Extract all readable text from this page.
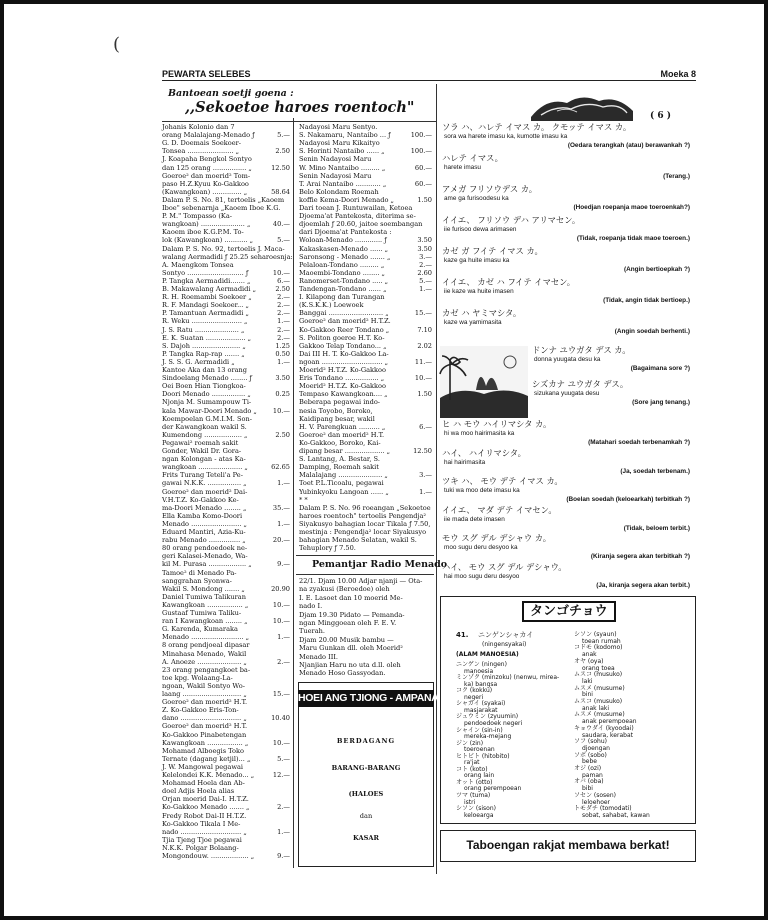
(
PEWARTA SELEBES	Moeka 8
Bantoean soetji goena :
,,Sekoetoe haroes roentoch"
Johanis Kolonio dan 7
orang Malalajang-Menado ƒ	5.—
G. D. Doemais Soekoer-
Tonsea ...................... „	2.50
J. Koapaha Bengkol Sontyo
dan 125 orang ................ „	12.50
Goeroe² dan moerid² Tom-
paso H.Z.Kyuu Ko-Gakkoo
(Kawangkoan) .............. „	58.64
Dalam P. S. No. 81, tertoelis „Kaoem
Iboe" sebenarnja „Kaoem Iboe K.G.
P. M." Tompasso (Ka-
wangkoan) ..................... „	40.—
Kaoem iboe K.G.P.M. To-
lok (Kawangkoan) ........... „	5.—
Dalam P. S. No. 92, tertoelis J. Maca-
walang Aermadidi ƒ 25.25 seharoesnja:
A. Maengkom Tonsea
Sontyo ........................... ƒ	10.—
P. Tangka Aermadidi....... „	6.—
B. Makawalang Aermadidi „	2.50
R. H. Roemambi Soekoer „	2.—
R. F. Mandagi Soekoer... „	2.—
P. Tamantuan Aermadidi „	2.—
R. Weku ........................ „	1.—
J. S. Ratu ..................... „	2.—
E. K. Suatan ................... „	2.—
S. Dajoh ....................... „	1.25
P. Tangka Rap-rap ....... „	0.50
J. S. S. G. Aermadidi „	1.—
Kantoe Aka dan 13 orang
Sindoelang Menado ........ ƒ	3.50
Oei Boen Hian Tiongkoa-
Doori Menado ................ „	0.25
Njonja M. Sumampouw Ti-
kala Mawar-Doori Menado „	10.—
Koempoelan G.M.I.M. Son-
der Kawangkoan wakil S.
Kumendong .................. „	2.50
Pegawai² roemah sakit
Gonder, Wakil Dr. Gora-
ngan Kolongan - atas Ka-
wangkoan ..................... „	62.65
Frits Turang Teteli'a Pe-
gawai N.K.K. ................ „	1.—
Goeroe² dan moerid² Dai-
V.H.T.Z. Ko-Gakkoo Ke-
ma-Doori Menado ........ „	35.—
Ella Kamba Komo-Doori
Menado ........................ „	1.—
Eduard Mantiri, Azia-Ku-
rabu Menado ............... „	20.—
80 orang pendoedoek ne-
geri Kalasei-Menado, Wa-
kil M. Purasa .................. „	9.—
Tamoe² di Menado Pa-
sanggrahan Syonwa-
Wakil S. Mondong ....... „	20.90
Daniel Tumiwa Talikuran
Kawangkoan ................. „	10.—
Gustaaf Tumiwa Taliku-
ran I Kawangkoan ........ „	10.—
G. Karenda, Kumaraka
Menado ......................... „	1.—
8 orang pendjoeal dipasar
Minahasa Menado, Wakil
A. Anoeze ..................... „	2.—
23 orang pengangkoet ba-
toe kpg. Wolaang-La-
ngoan, Wakil Sontyo Wo-
laang ............................ „	15.—
Goeroe² dan moerid² H.T.
Z. Ko-Gakkoo Eris-Ton-
dano ............................. „	10.40
Goeroe² dan moerid² H.T.
Ko-Gakkoo Pinabetengan
Kawangkoan ................. „	10.—
Mohamad Alboegis Toko
Ternate (dagang ketjil)... „	5.—
J. W. Mangowal pegawai
Kelelondei K.K. Menado... „	12.—
Mohamad Hoela dan Ab-
doel Adjis Hoela alias
Orjan moerid Dai-I. H.T.Z.
Ko-Gakkoo Menado ....... „	2.—
Fredy Robot Dai-II H.T.Z.
Ko-Gakkoo Tikala I Me-
nado ............................. „	1.—
Tjia Tjeng Tjoe pegawai
N.K.K. Polgar Bolaang-
Mongondouw. .................. „	9.—
Nadayosi Maru Sentyo.
S. Nakamaru, Nantaibo ... ƒ	100.—
Nadayosi Maru Kikaityo
S. Horinti Nantaibo ...... „	100.—
Senin Nadayosi Maru
W. Mino Nantaibo ......... „	60.—
Senin Nadayosi Maru
T. Arai Nantaibo ............ „	60.—
Belo Kolondam Roemah
koffie Kema-Doori Menado „	1.50
Dari toean J. Runtuwailan, Ketoea
Djoema'at Pantekosta, diterima se-
djoemlah ƒ 20.60, jaitoe soembangan
dari Djoema'at Pantekosta :
Woloan-Menado ............. ƒ	3.50
Kakaskasen-Menado ...... „	3.50
Saronsong - Menado ....... „	3.—
Pelaloan-Tondano ......... „	2.—
Maoembi-Tondano ........ „	2.60
Ranomerset-Tondano ..... „	5.—
Tandengan-Tondano ...... „	1.—
I. Kilapong dan Turangan
(K.S.K.K.) Loewoek
Banggai .......................... „	15.—
Goeroe² dan moerid² H.T.Z.
Ko-Gakkoo Reer Tondano „	7.10
S. Politon goeroe H.T. Ko-
Gakkoo Telap Tondano... „	2.02
Dai III H. T. Ko-Gakkoo La-
ngoan ............................. „	11.—
Moerid² H.T.Z. Ko-Gakkoo
Eris Tondano ................ „	10.—
Moerid² H.T.Z. Ko-Gakkoo
Tempaso Kawangkoan.... „	1.50
Beberapa pegawai indo-
nesia Toyobo, Boroko,
Kaidipang besar, wakil
H. V. Parengkuan .......... „	6.—
Goeroe² dan moerid² H.T.
Ko-Gakkoo, Boroko, Kai-
dipang besar ................... „	12.50
S. Lantang, A. Bestar, S.
Damping, Roemah sakit
Malalajang ..................... „	3.—
Toet P.L.Ticoalu, pegawai
Yubinkyoku Langoan ...... „	1.—
* *
Dalam P. S. No. 96 roeangan „Sekoetoe
haroes roentoch" tertoelis Pengendja²
Siyakusyo bahagian locar Tikala ƒ 7.50,
mestinja : Pengendja² locar Siyakusyo
bahagian Menado Selatan, wakil S.
Tehuplory ƒ 7.50.
Pemantjar Radio Menado
22/1. Djam 10.00 Adjar njanji — Ota-
na zyakusi (Beroedoe) oleh
I. E. Lasoet dan 10 moerid Me-
nado I.
Djam 19.30 Pidato — Pemanda-
ngan Minggoean oleh F. E. V.
Tuerah.
Djam 20.00 Musik bambu —
Maru Gunkan dll. oleh Moerid²
Menado III.
Njanjian Haru no uta d.ll. oleh
Menado Hoso Gassyodan.
HOEI ANG TJIONG - AMPANA
BERDAGANG
BARANG-BARANG
(HALOES
dan
KASAR
( 6 )
ソラ ハ、ハレテ イマス カ。 クモッテ イマス カ。
sora wa harete imasu ka, kumotte imasu ka
(Oedara terangkah (atau) berawankah ?)
ハレテ イマス。
harete imasu
(Terang.)
アメガ フリソウデス カ。
ame ga furisoodesu ka
(Hoedjan roepanja maoe toeroenkah?)
イイエ、 フリソウ デハ アリマセン。
iie furisoo dewa arimasen
(Tidak, roepanja tidak maoe toeroen.)
カゼ ガ フイテ イマス カ。
kaze ga huite imasu ka
(Angin bertioepkah ?)
イイエ、 カゼ ハ フイテ イマセン。
iie kaze wa huite imasen
(Tidak, angin tidak bertioep.)
カゼ ハ ヤミマシタ。
kaze wa yamimasita
(Angin soedah berhenti.)
ドンナ ユウガタ デス カ。
donna yuugata desu ka
(Bagaimana sore ?)
シズカナ ユウガタ デス。
sizukana yuugata desu
(Sore jang tenang.)
ヒ ハ モウ ハイリマシタ カ。
hi wa moo hairimasita ka
(Matahari soedah terbenamkah ?)
ハイ、 ハイリマシタ。
hai hairimasita
(Ja, soedah terbenam.)
ツキ ハ、 モウ デテ イマス カ。
tuki wa moo dete imasu ka
(Boelan soedah (keloearkah) terbitkah ?)
イイエ、 マダ デテ イマセン。
iie mada dete imasen
(Tidak, beloem terbit.)
モウ スグ デル デシャウ カ。
moo sugu deru desyoo ka
(Kiranja segera akan terbitkah ?)
ハイ、 モウ スグ デル デシャウ。
hai moo sugu deru desyoo
(Ja, kiranja segera akan terbit.)
タンゴチョウ
41. ニンゲンシャカイ
(ningensyakai)
(ALAM MANOESIA)
ニンゲン (ningen)
manoesia
ミンゾク (minzoku) (nenwu, mirea-
ka) bangsa
コク (kokku)
negeri
シャカイ (syakai)
masjarakat
ジュウミン (zyuumin)
pendoedoek negeri
シャイン (sin-in)
mereka-mejang
ジン (zin)
toeroenan
ヒトビト (hitobito)
ra'jat
コト (koto)
orang lain
オット (otto)
orang perempoean
ツマ (tuma)
istri
シソン (sison)
keloearga
シソン (syaun)
toean rumah
コドモ (kodomo)
anak
オヤ (oya)
orang toea
ムスコ (musuko)
laki
ムスメ (musume)
bini
ムスコ (musuko)
anak laki
ムスメ (musume)
anak perempoean
キョウダイ (kyoodai)
saudara, kerabat
ソフ (sohu)
djoengan
ソボ (sobo)
bebe
オジ (ozi)
paman
オバ (oba)
bibi
ソセン (sosen)
leloehoer
トモダチ (tomodati)
sobat, sahabat, kawan
Taboengan rakjat membawa berkat!
